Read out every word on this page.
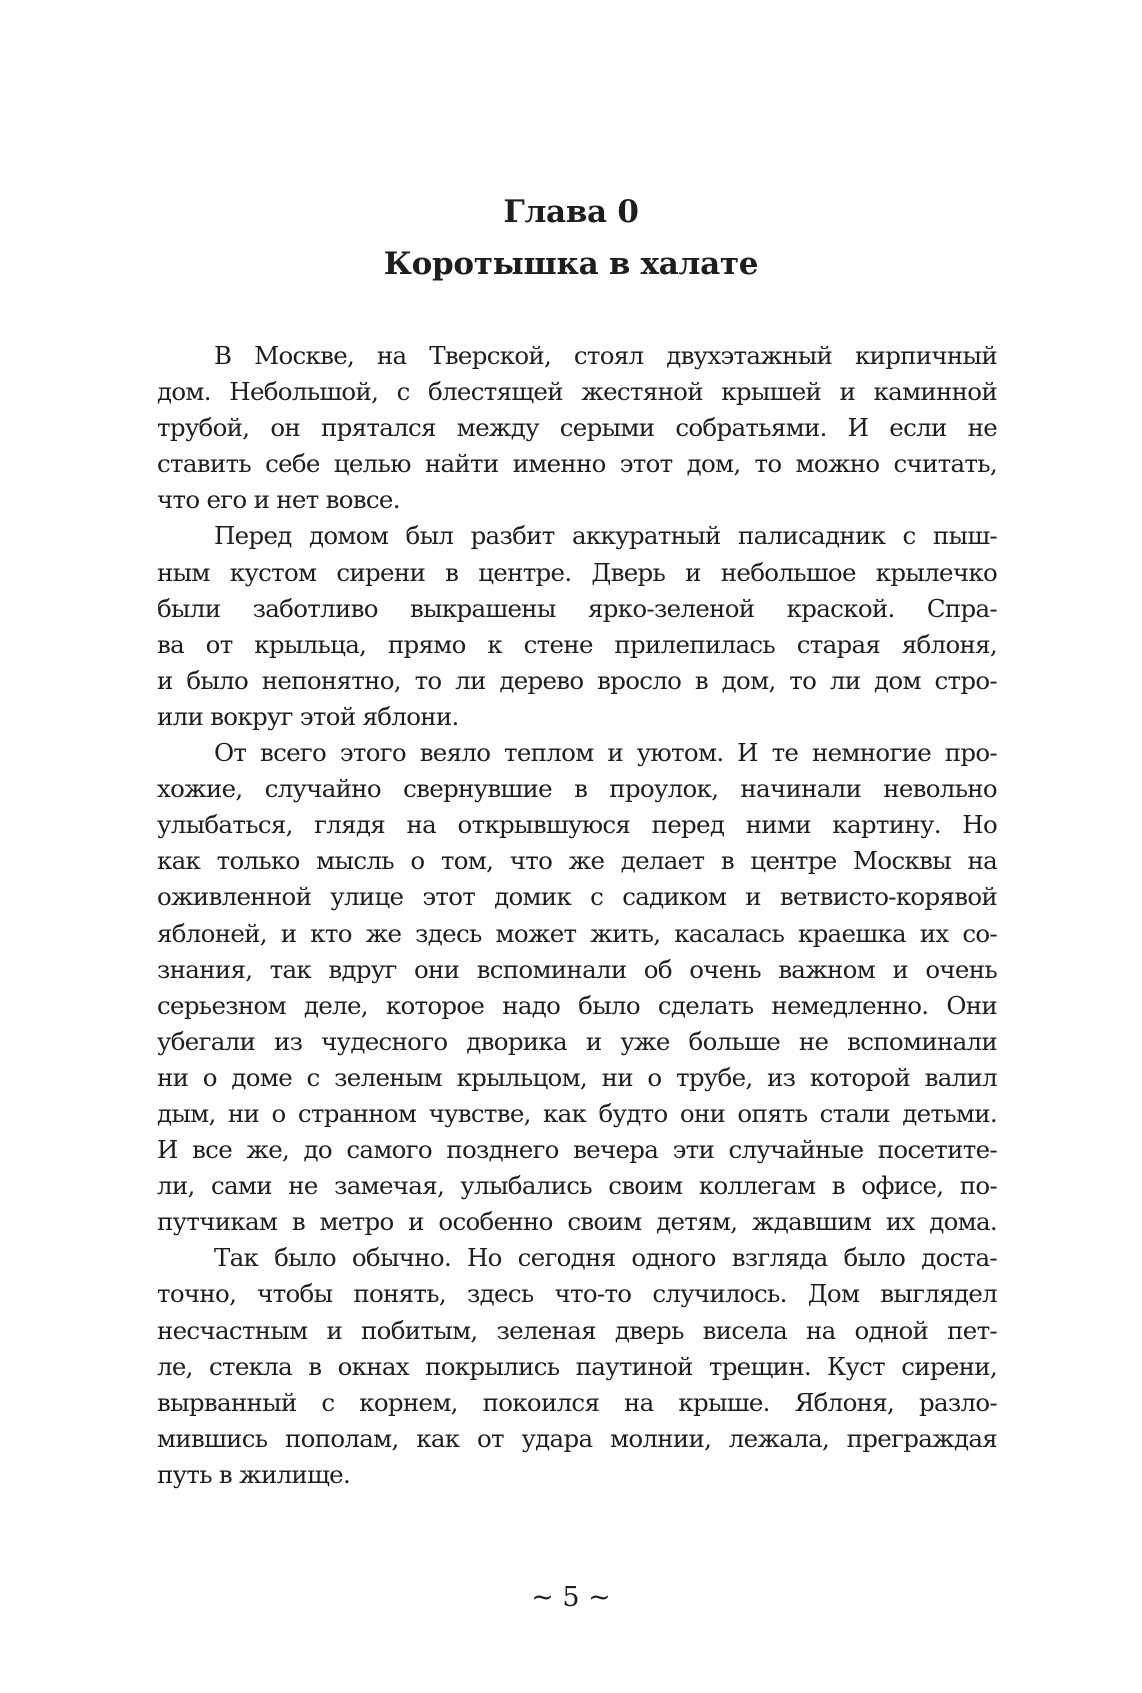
Глава 0
Коротышка в халате
В Москве, на Тверской, стоял двухэтажный кирпичный
дом. Небольшой, с блестящей жестяной крышей и каминной
трубой, он прятался между серыми собратьями. И если не
ставить себе целью найти именно этот дом, то можно считать,
что его и нет вовсе.
Перед домом был разбит аккуратный палисадник с пыш-
ным кустом сирени в центре. Дверь и небольшое крылечко
были заботливо выкрашены ярко-зеленой краской. Спра-
ва от крыльца, прямо к стене прилепилась старая яблоня,
и было непонятно, то ли дерево вросло в дом, то ли дом стро-
или вокруг этой яблони.
От всего этого веяло теплом и уютом. И те немногие про-
хожие, случайно свернувшие в проулок, начинали невольно
улыбаться, глядя на открывшуюся перед ними картину. Но
как только мысль о том, что же делает в центре Москвы на
оживленной улице этот домик с садиком и ветвисто-корявой
яблоней, и кто же здесь может жить, касалась краешка их со-
знания, так вдруг они вспоминали об очень важном и очень
серьезном деле, которое надо было сделать немедленно. Они
убегали из чудесного дворика и уже больше не вспоминали
ни о доме с зеленым крыльцом, ни о трубе, из которой валил
дым, ни о странном чувстве, как будто они опять стали детьми.
И все же, до самого позднего вечера эти случайные посетите-
ли, сами не замечая, улыбались своим коллегам в офисе, по-
путчикам в метро и особенно своим детям, ждавшим их дома.
Так было обычно. Но сегодня одного взгляда было доста-
точно, чтобы понять, здесь что-то случилось. Дом выглядел
несчастным и побитым, зеленая дверь висела на одной пет-
ле, стекла в окнах покрылись паутиной трещин. Куст сирени,
вырванный с корнем, покоился на крыше. Яблоня, разло-
мившись пополам, как от удара молнии, лежала, преграждая
путь в жилище.
~ 5 ~
